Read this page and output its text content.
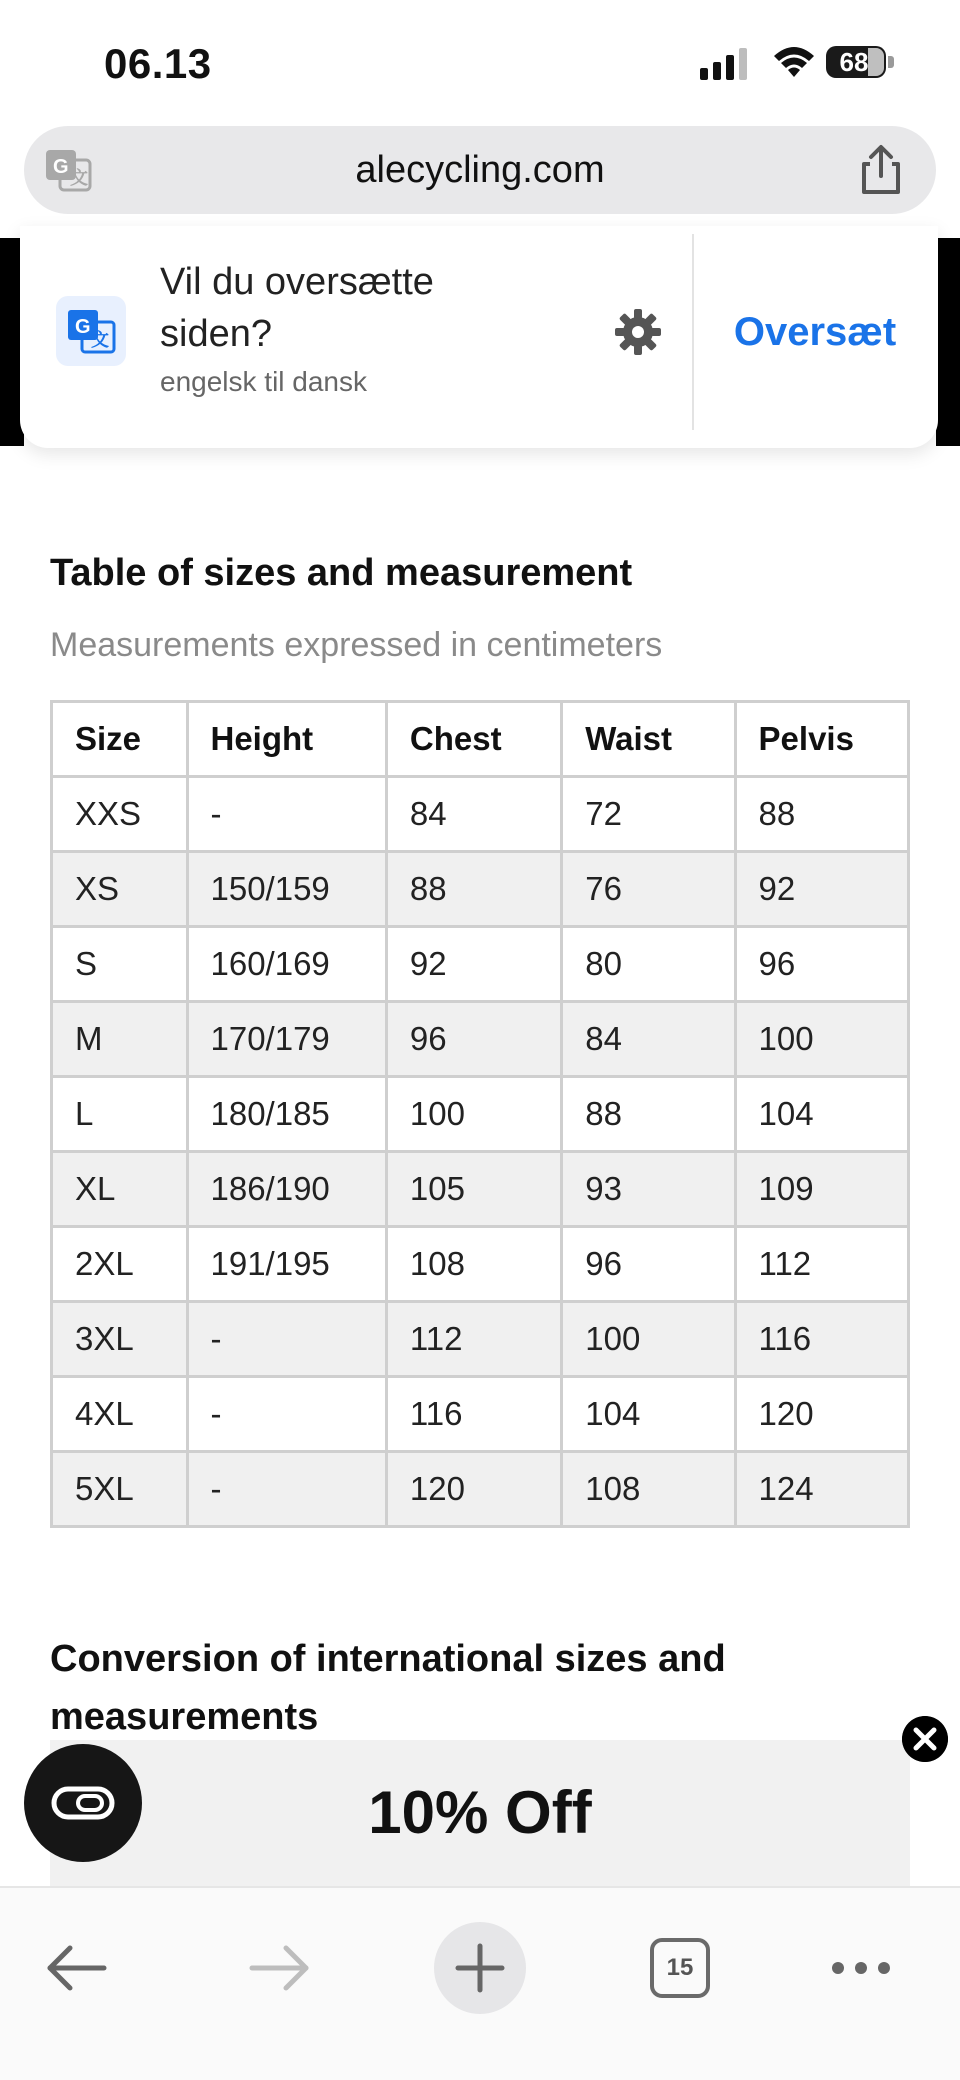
06.13	68
G 文	alecycling.com
G
文
Vil du oversætte siden?
engelsk til dansk
Oversæt
Table of sizes and measurement
Measurements expressed in centimeters
Size	Height	Chest	Waist	Pelvis
XXS	-	84	72	88
XS	150/159	88	76	92
S	160/169	92	80	96
M	170/179	96	84	100
L	180/185	100	88	104
XL	186/190	105	93	109
2XL	191/195	108	96	112
3XL	-	112	100	116
4XL	-	116	104	120
5XL	-	120	108	124
Conversion of international sizes and measurements
10% Off
15
